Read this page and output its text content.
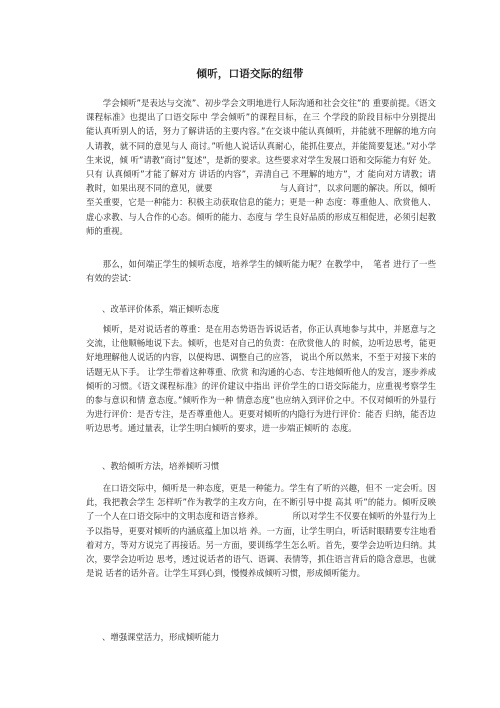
倾听，口语交际的纽带

学会倾听”是表达与交流”、初步学会文明地进行人际沟通和社会交往”的 重要前提。《语文课程标准》也提出了口语交际中 学会倾听”的课程目标，在三 个学段的阶段目标中分别提出　　　　　能认真听别人的话，努力了解讲话的主要内容。”在交谈中能认真倾听，并能就不理解的地方向人请教，就不同的意见与人 商讨。”听他人说话认真耐心，能抓住要点，并能简要复述。”对小学生来说，倾 听”请教”商讨”复述”，是新的要求。这些要求对学生发展口语和交际能力有好 处。只有 认真倾听”才能了解对方 讲话的内容”，弄清自己 不理解的地方”，才 能向对方请教；请教时，如果出现不同的意见，就要　　　　　　　　与人商讨”，以求问题的解决。所以，倾听至关重要，它是一种能力：积极主动获取信息的能力；更是一种 态度：尊重他人、欣赏他人、虚心求教、与人合作的心态。倾听的能力、态度与 学生良好品质的形成互相促进，必须引起教师的重视。

那么，如何端正学生的倾听态度，培养学生的倾听能力呢？在教学中，　笔者 进行了一些有效的尝试：

、改革评价体系，端正倾听态度

倾听，是对说话者的尊重：是在用态势语告诉说话者，你正认真地参与其中，并愿意与之交流，让他顺畅地说下去。倾听，也是对自己的负责：在欣赏他人的 时候，边听边思考，能更好地理解他人说话的内容，以便构思、调整自己的应答， 说出个所以然来，不至于对接下来的话题无从下手。 让学生带着这种尊重、欣赏 和沟通的心态、专注地倾听他人的发言，逐步养成倾听的习惯。《语文课程标准》的评价建议中指出 评价学生的口语交际能力，应重视考察学生的参与意识和情 意态度。”倾听作为一种 情意态度”也应纳入到评价之中。不仅对倾听的外显行 为进行评价：是否专注，是否尊重他人。更要对倾听的内隐行为进行评价：能否 归纳，能否边听边思考。通过量表，让学生明白倾听的要求，进一步端正倾听的 态度。

、教给倾听方法，培养倾听习惯

在口语交际中，倾听是一种态度，更是一种能力。学生有了听的兴趣，但不 一定会听。因此，我把教会学生 怎样听”作为教学的主攻方向，在不断引导中提 高其 听”的能力。倾听反映了一个人在口语交际中的文明态度和语言修养。　　　　所以对学生不仅要在倾听的外显行为上予以指导，更要对倾听的内涵底蕴上加以培 养。一方面，让学生明白，听话时眼睛要专注地看着对方，等对方说完了再接话。另一方面，要训练学生怎么听。首先，要学会边听边归纳。其次，要学会边听边 思考，透过说话者的语气、语调、表情等，抓住语言背后的隐含意思，也就是说 话者的话外音。让学生耳到心到，慢慢养成倾听习惯，形成倾听能力。

、增强课堂活力，形成倾听能力
